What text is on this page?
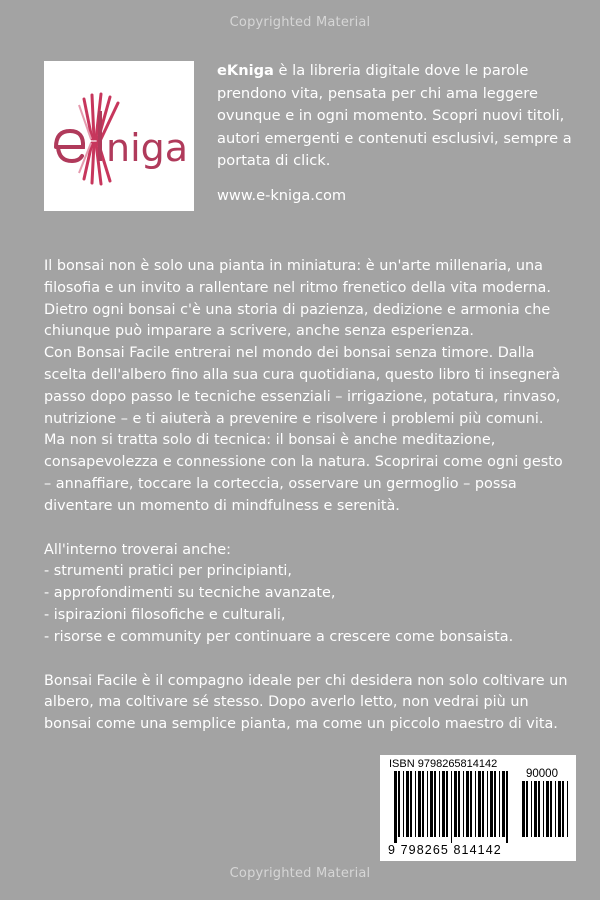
Copyrighted Material
niga
eKniga è la libreria digitale dove le parole prendono vita, pensata per chi ama leggere ovunque e in ogni momento. Scopri nuovi titoli, autori emergenti e contenuti esclusivi, sempre a portata di click.
www.e-kniga.com

Il bonsai non è solo una pianta in miniatura: è un'arte millenaria, una filosofia e un invito a rallentare nel ritmo frenetico della vita moderna. Dietro ogni bonsai c'è una storia di pazienza, dedizione e armonia che chiunque può imparare a scrivere, anche senza esperienza.

Con Bonsai Facile entrerai nel mondo dei bonsai senza timore. Dalla scelta dell'albero fino alla sua cura quotidiana, questo libro ti insegnerà passo dopo passo le tecniche essenziali – irrigazione, potatura, rinvaso, nutrizione – e ti aiuterà a prevenire e risolvere i problemi più comuni.

Ma non si tratta solo di tecnica: il bonsai è anche meditazione, consapevolezza e connessione con la natura. Scoprirai come ogni gesto – annaffiare, toccare la corteccia, osservare un germoglio – possa diventare un momento di mindfulness e serenità.

All'interno troverai anche:

- strumenti pratici per principianti,

- approfondimenti su tecniche avanzate,

- ispirazioni filosofiche e culturali,

- risorse e community per continuare a crescere come bonsaista.

Bonsai Facile è il compagno ideale per chi desidera non solo coltivare un albero, ma coltivare sé stesso. Dopo averlo letto, non vedrai più un bonsai come una semplice pianta, ma come un piccolo maestro di vita.

ISBN 9798265814142
90000
9 798265 814142
Copyrighted Material
